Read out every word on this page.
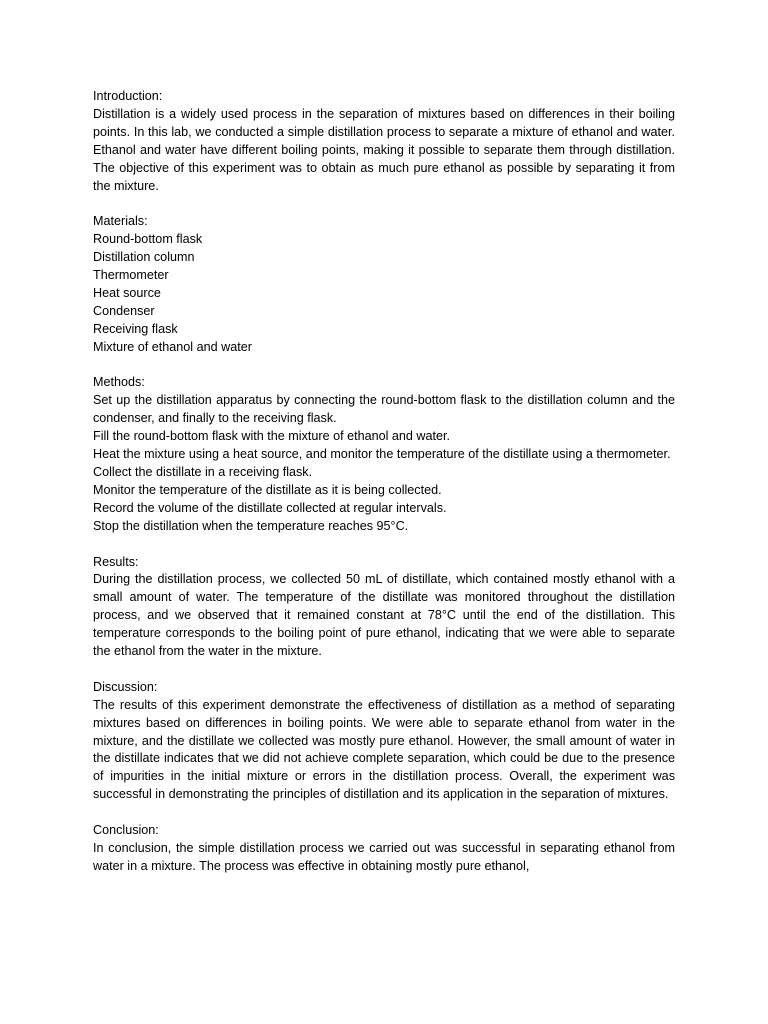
Introduction:
Distillation is a widely used process in the separation of mixtures based on differences in their boiling points. In this lab, we conducted a simple distillation process to separate a mixture of ethanol and water. Ethanol and water have different boiling points, making it possible to separate them through distillation. The objective of this experiment was to obtain as much pure ethanol as possible by separating it from the mixture.
Materials:
Round-bottom flask
Distillation column
Thermometer
Heat source
Condenser
Receiving flask
Mixture of ethanol and water
Methods:
Set up the distillation apparatus by connecting the round-bottom flask to the distillation column and the condenser, and finally to the receiving flask.
Fill the round-bottom flask with the mixture of ethanol and water.
Heat the mixture using a heat source, and monitor the temperature of the distillate using a thermometer.
Collect the distillate in a receiving flask.
Monitor the temperature of the distillate as it is being collected.
Record the volume of the distillate collected at regular intervals.
Stop the distillation when the temperature reaches 95°C.
Results:
During the distillation process, we collected 50 mL of distillate, which contained mostly ethanol with a small amount of water. The temperature of the distillate was monitored throughout the distillation process, and we observed that it remained constant at 78°C until the end of the distillation. This temperature corresponds to the boiling point of pure ethanol, indicating that we were able to separate the ethanol from the water in the mixture.
Discussion:
The results of this experiment demonstrate the effectiveness of distillation as a method of separating mixtures based on differences in boiling points. We were able to separate ethanol from water in the mixture, and the distillate we collected was mostly pure ethanol. However, the small amount of water in the distillate indicates that we did not achieve complete separation, which could be due to the presence of impurities in the initial mixture or errors in the distillation process. Overall, the experiment was successful in demonstrating the principles of distillation and its application in the separation of mixtures.
Conclusion:
In conclusion, the simple distillation process we carried out was successful in separating ethanol from water in a mixture. The process was effective in obtaining mostly pure ethanol,
